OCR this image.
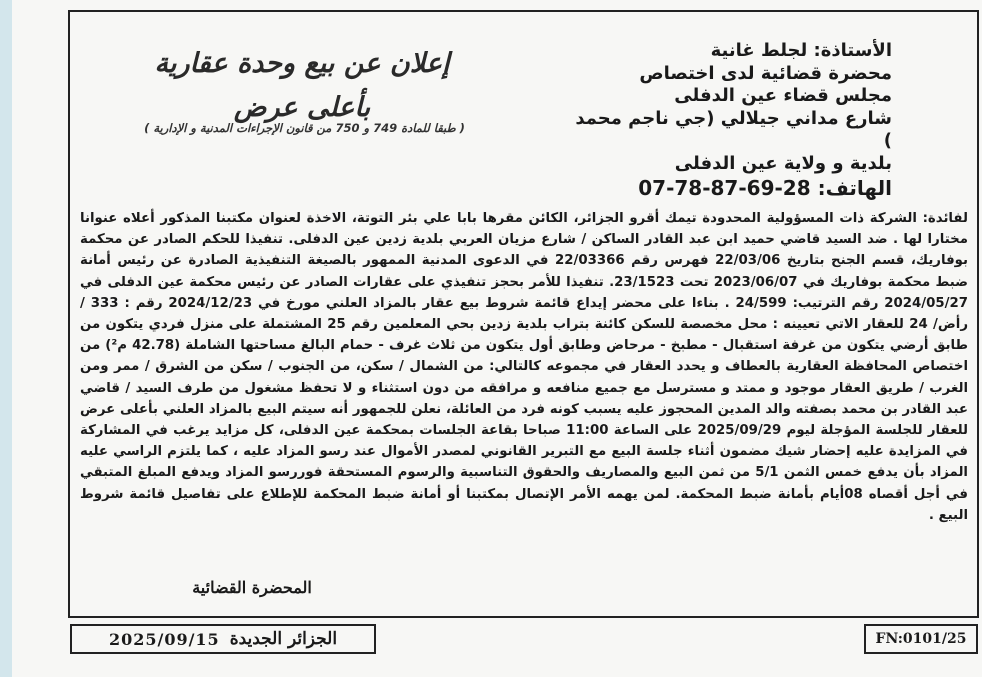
الأستاذة: لجلط غانية
محضرة قضائية لدى اختصاص
مجلس قضاء عين الدفلى
شارع مداني جيلالي (جي ناجم محمد )
بلدية و ولاية عين الدفلى
الهاتف: 07-78-87-69-28
إعلان عن بيع وحدة عقارية
بأعلى عرض
( طبقا للمادة 749 و 750 من قانون الإجراءات المدنية و الإدارية )

لفائدة: الشركة ذات المسؤولية المحدودة تيمك أقرو الجزائر، الكائن مقرها بابا علي بئر التوتة، الاخذة لعنوان مكتبنا المذكور أعلاه عنوانا مختارا لها . ضد السيد قاضي حميد ابن عبد القادر الساكن / شارع مزيان العربي بلدية زدين عين الدفلى. تنفيذا للحكم الصادر عن محكمة بوفاريك، قسم الجنح بتاريخ 22/03/06 فهرس رقم 22/03366 في الدعوى المدنية الممهور بالصيغة التنفيذية الصادرة عن رئيس أمانة ضبط محكمة بوفاريك في 2023/06/07 تحت 23/1523. تنفيذا للأمر بحجز تنفيذي على عقارات الصادر عن رئيس محكمة عين الدفلى في 2024/05/27 رقم الترتيب: 24/599 . بناءا على محضر إيداع قائمة شروط بيع عقار بالمزاد العلني مورخ في 2024/12/23 رقم : 333 / رأض/ 24 للعقار الاتي تعيينه : محل مخصصة للسكن كائنة بتراب بلدية زدين بحي المعلمين رقم 25 المشتملة على منزل فردي يتكون من طابق أرضي يتكون من غرفة استقبال - مطبخ - مرحاض وطابق أول يتكون من ثلاث غرف - حمام البالغ مساحتها الشاملة (42.78 م²) من اختصاص المحافظة العقارية بالعطاف و يحدد العقار في مجموعه كالتالي: من الشمال / سكن، من الجنوب / سكن من الشرق / ممر ومن الغرب / طريق العقار موجود و ممتد و مسترسل مع جميع منافعه و مرافقه من دون استثناء و لا تحفظ مشغول من طرف السيد / قاضي عبد القادر بن محمد بصفته والد المدين المحجوز عليه يسبب كونه فرد من العائلة، نعلن للجمهور أنه سيتم البيع بالمزاد العلني بأعلى عرض للعقار للجلسة المؤجلة ليوم 2025/09/29 على الساعة 11:00 صباحا بقاعة الجلسات بمحكمة عين الدفلى، كل مزايد يرغب في المشاركة في المزايدة عليه إحضار شيك مضمون أثناء جلسة البيع مع التبرير القانوني لمصدر الأموال عند رسو المزاد عليه ، كما يلتزم الراسي عليه المزاد بأن يدفع خمس الثمن 5/1 من ثمن البيع والمصاريف والحقوق التناسبية والرسوم المستحقة فوررسو المزاد ويدفع المبلغ المتبقي في أجل أقصاه 08أيام بأمانة ضبط المحكمة. لمن يهمه الأمر الإتصال بمكتبنا أو أمانة ضبط المحكمة للإطلاع على تفاصيل قائمة شروط البيع .

المحضرة القضائية
2025/09/15 الجزائر الجديدة	FN:0101/25
